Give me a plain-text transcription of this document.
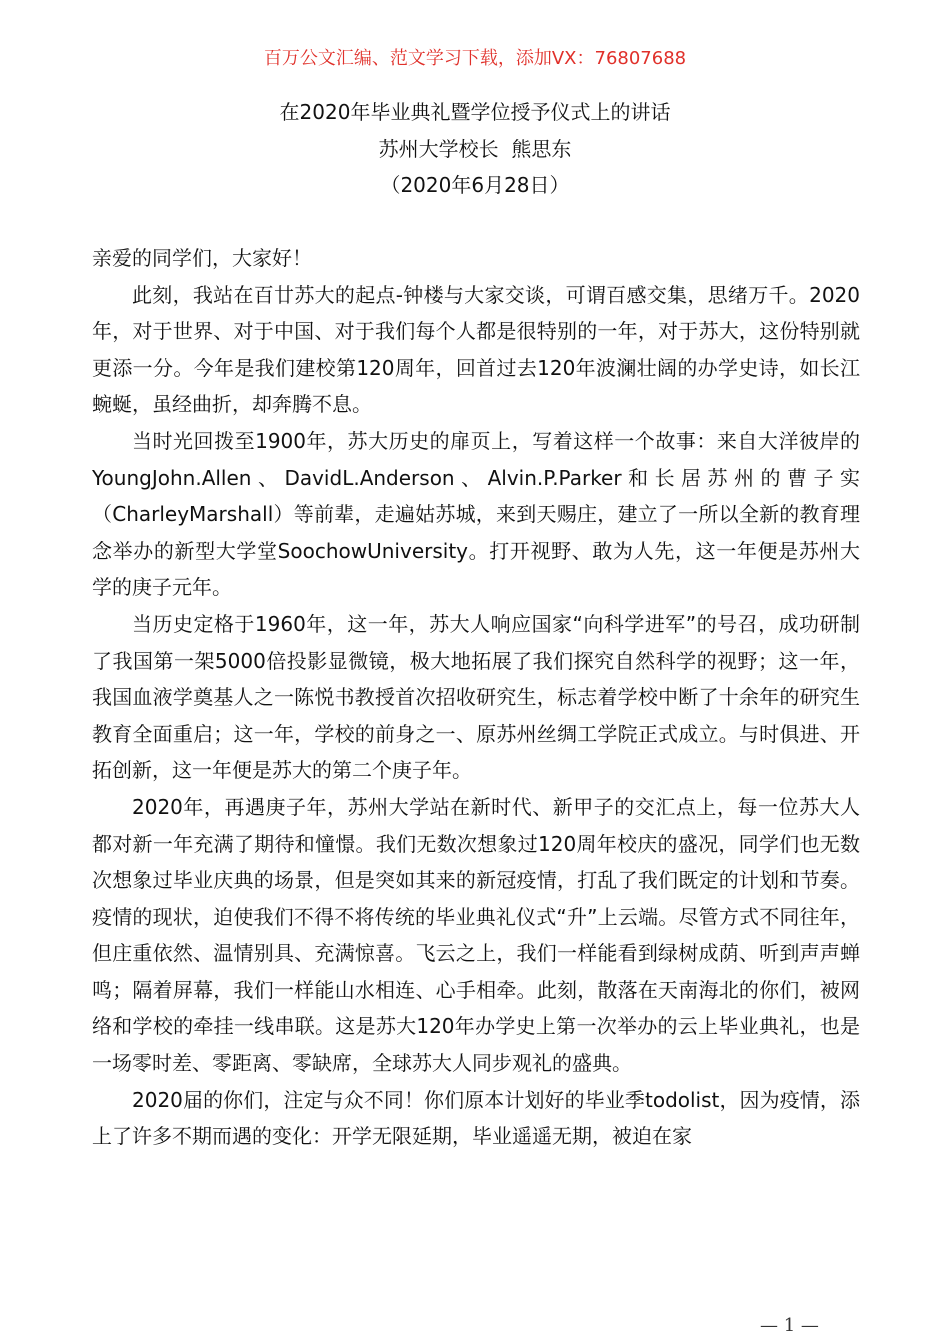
百万公文汇编、范文学习下载，添加VX：76807688
在2020年毕业典礼暨学位授予仪式上的讲话
苏州大学校长  熊思东
（2020年6月28日）

亲爱的同学们，大家好！

此刻，我站在百廿苏大的起点-钟楼与大家交谈，可谓百感交集，思绪万千。2020年，对于世界、对于中国、对于我们每个人都是很特别的一年，对于苏大，这份特别就更添一分。今年是我们建校第120周年，回首过去120年波澜壮阔的办学史诗，如长江蜿蜒，虽经曲折，却奔腾不息。

当时光回拨至1900年，苏大历史的扉页上，写着这样一个故事：来自大洋彼岸的YoungJohn.Allen、DavidL.Anderson、Alvin.P.Parker和长居苏州的曹子实（CharleyMarshall）等前辈，走遍姑苏城，来到天赐庄，建立了一所以全新的教育理念举办的新型大学堂SoochowUniversity。打开视野、敢为人先，这一年便是苏州大学的庚子元年。

当历史定格于1960年，这一年，苏大人响应国家“向科学进军”的号召，成功研制了我国第一架5000倍投影显微镜，极大地拓展了我们探究自然科学的视野；这一年，我国血液学奠基人之一陈悦书教授首次招收研究生，标志着学校中断了十余年的研究生教育全面重启；这一年，学校的前身之一、原苏州丝绸工学院正式成立。与时俱进、开拓创新，这一年便是苏大的第二个庚子年。

2020年，再遇庚子年，苏州大学站在新时代、新甲子的交汇点上，每一位苏大人都对新一年充满了期待和憧憬。我们无数次想象过120周年校庆的盛况，同学们也无数次想象过毕业庆典的场景，但是突如其来的新冠疫情，打乱了我们既定的计划和节奏。疫情的现状，迫使我们不得不将传统的毕业典礼仪式“升”上云端。尽管方式不同往年，但庄重依然、温情别具、充满惊喜。飞云之上，我们一样能看到绿树成荫、听到声声蝉鸣；隔着屏幕，我们一样能山水相连、心手相牵。此刻，散落在天南海北的你们，被网络和学校的牵挂一线串联。这是苏大120年办学史上第一次举办的云上毕业典礼，也是一场零时差、零距离、零缺席，全球苏大人同步观礼的盛典。

2020届的你们，注定与众不同！你们原本计划好的毕业季todolist，因为疫情，添上了许多不期而遇的变化：开学无限延期，毕业遥遥无期，被迫在家

— 1 —
